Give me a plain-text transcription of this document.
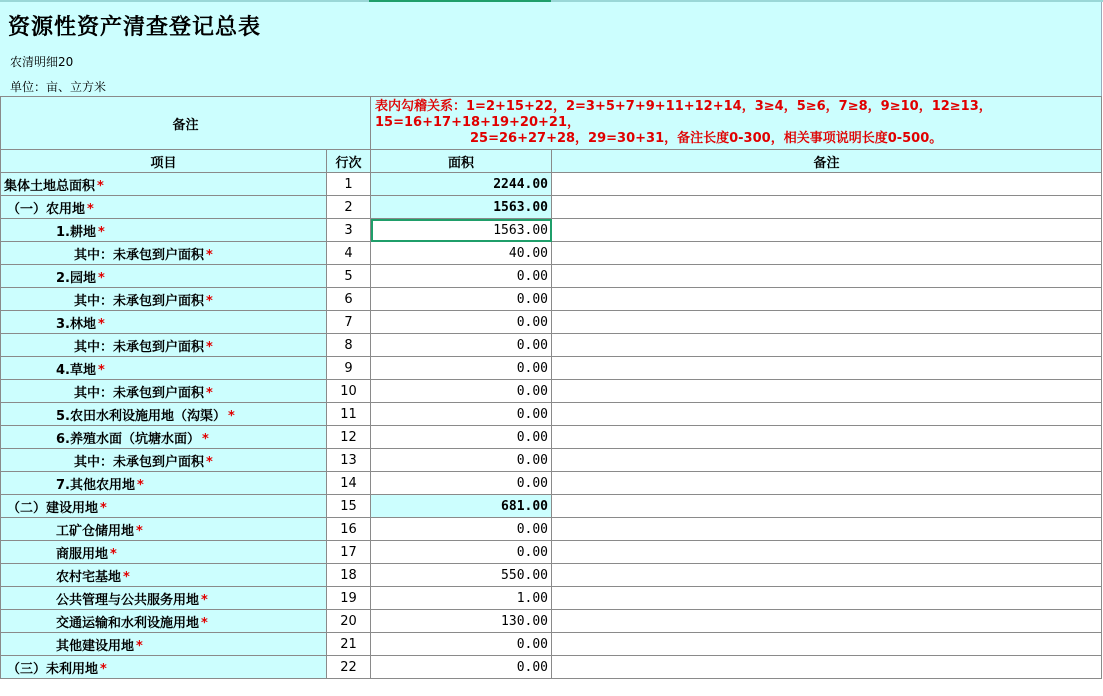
资源性资产清查登记总表
农清明细20
单位：亩、立方米
备注		表内勾稽关系：1=2+15+22，2=3+5+7+9+11+12+14，3≥4，5≥6，7≥8，9≥10，12≥13，15=16+17+18+19+20+21，
25=26+27+28，29=30+31，备注长度0-300，相关事项说明长度0-500。	

项目	行次	面积	备注
集体土地总面积 *	1	2244.00	
（一）农用地 *	2	1563.00	
1.耕地 *	3	1563.00	
其中：未承包到户面积 *	4	40.00	
2.园地 *	5	0.00	
其中：未承包到户面积 *	6	0.00	
3.林地 *	7	0.00	
其中：未承包到户面积 *	8	0.00	
4.草地 *	9	0.00	
其中：未承包到户面积 *	10	0.00	
5.农田水利设施用地（沟渠） *	11	0.00	
6.养殖水面（坑塘水面） *	12	0.00	
其中：未承包到户面积 *	13	0.00	
7.其他农用地 *	14	0.00	
（二）建设用地 *	15	681.00	
工矿仓储用地 *	16	0.00	
商服用地 *	17	0.00	
农村宅基地 *	18	550.00	
公共管理与公共服务用地 *	19	1.00	
交通运输和水利设施用地 *	20	130.00	
其他建设用地 *	21	0.00	
（三）未利用地 *	22	0.00	
